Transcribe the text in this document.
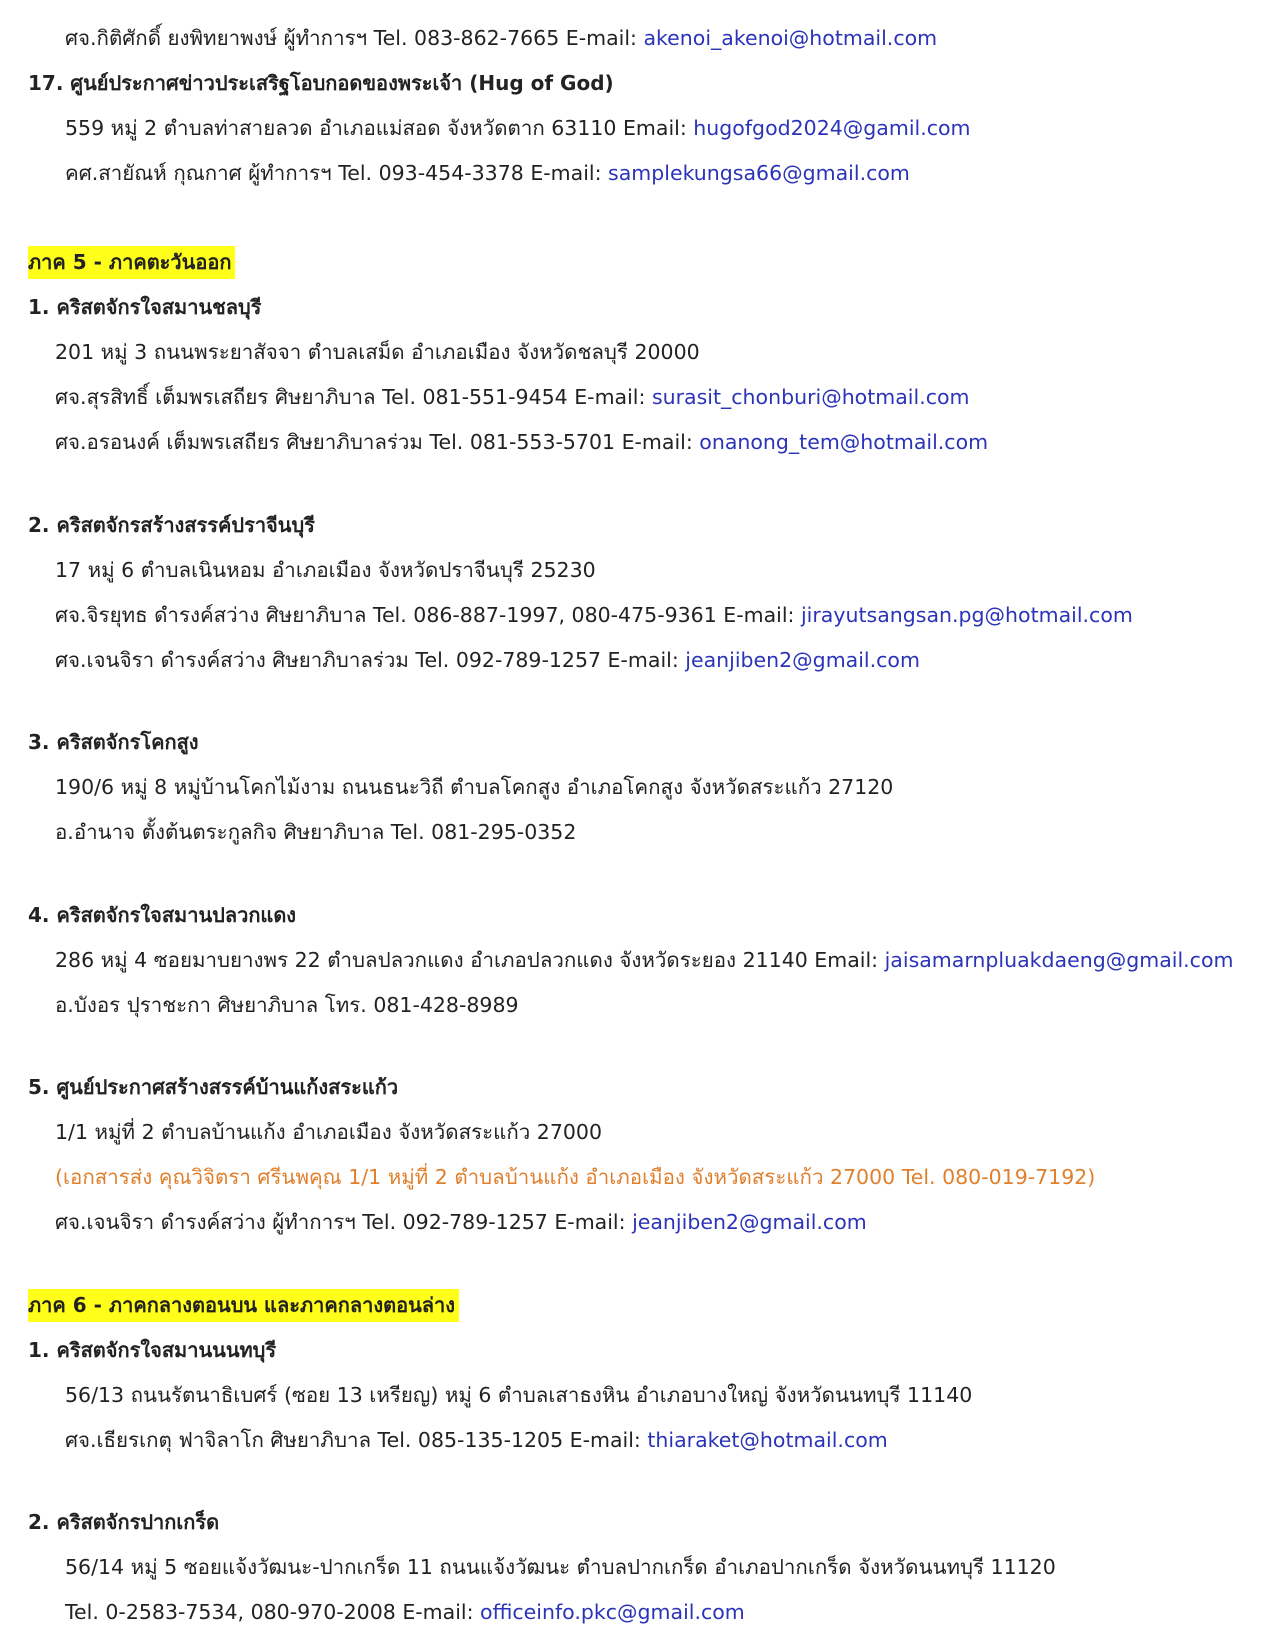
ศจ.กิติศักดิ์ ยงพิทยาพงษ์ ผู้ทำการฯ Tel. 083-862-7665 E-mail: akenoi_akenoi@hotmail.com
17. ศูนย์ประกาศข่าวประเสริฐโอบกอดของพระเจ้า (Hug of God)
559 หมู่ 2 ตำบลท่าสายลวด อำเภอแม่สอด จังหวัดตาก 63110 Email: hugofgod2024@gamil.com
คศ.สายัณห์ กุณกาศ ผู้ทำการฯ Tel. 093-454-3378 E-mail: samplekungsa66@gmail.com
ภาค 5 - ภาคตะวันออก
1. คริสตจักรใจสมานชลบุรี
201 หมู่ 3 ถนนพระยาสัจจา ตำบลเสม็ด อำเภอเมือง จังหวัดชลบุรี 20000
ศจ.สุรสิทธิ์ เต็มพรเสถียร ศิษยาภิบาล Tel. 081-551-9454 E-mail: surasit_chonburi@hotmail.com
ศจ.อรอนงค์ เต็มพรเสถียร ศิษยาภิบาลร่วม Tel. 081-553-5701 E-mail: onanong_tem@hotmail.com
2. คริสตจักรสร้างสรรค์ปราจีนบุรี
17 หมู่ 6 ตำบลเนินหอม อำเภอเมือง จังหวัดปราจีนบุรี 25230
ศจ.จิรยุทธ ดำรงค์สว่าง ศิษยาภิบาล Tel. 086-887-1997, 080-475-9361 E-mail: jirayutsangsan.pg@hotmail.com
ศจ.เจนจิรา ดำรงค์สว่าง ศิษยาภิบาลร่วม Tel. 092-789-1257 E-mail: jeanjiben2@gmail.com
3. คริสตจักรโคกสูง
190/6 หมู่ 8 หมู่บ้านโคกไม้งาม ถนนธนะวิถี ตำบลโคกสูง อำเภอโคกสูง จังหวัดสระแก้ว 27120
อ.อำนาจ ตั้งต้นตระกูลกิจ ศิษยาภิบาล Tel. 081-295-0352
4. คริสตจักรใจสมานปลวกแดง
286 หมู่ 4 ซอยมาบยางพร 22 ตำบลปลวกแดง อำเภอปลวกแดง จังหวัดระยอง 21140 Email: jaisamarnpluakdaeng@gmail.com
อ.บังอร ปุราชะกา ศิษยาภิบาล โทร. 081-428-8989
5. ศูนย์ประกาศสร้างสรรค์บ้านแก้งสระแก้ว
1/1 หมู่ที่ 2 ตำบลบ้านแก้ง อำเภอเมือง จังหวัดสระแก้ว 27000
(เอกสารส่ง คุณวิจิตรา ศรีนพคุณ 1/1 หมู่ที่ 2 ตำบลบ้านแก้ง อำเภอเมือง จังหวัดสระแก้ว 27000 Tel. 080-019-7192)
ศจ.เจนจิรา ดำรงค์สว่าง ผู้ทำการฯ Tel. 092-789-1257 E-mail: jeanjiben2@gmail.com
ภาค 6 - ภาคกลางตอนบน และภาคกลางตอนล่าง
1. คริสตจักรใจสมานนนทบุรี
56/13 ถนนรัตนาธิเบศร์ (ซอย 13 เหรียญ) หมู่ 6 ตำบลเสาธงหิน อำเภอบางใหญ่ จังหวัดนนทบุรี 11140
ศจ.เธียรเกตุ ฟาจิลาโก ศิษยาภิบาล Tel. 085-135-1205 E-mail: thiaraket@hotmail.com
2. คริสตจักรปากเกร็ด
56/14 หมู่ 5 ซอยแจ้งวัฒนะ-ปากเกร็ด 11 ถนนแจ้งวัฒนะ ตำบลปากเกร็ด อำเภอปากเกร็ด จังหวัดนนทบุรี 11120
Tel. 0-2583-7534, 080-970-2008 E-mail: officeinfo.pkc@gmail.com
